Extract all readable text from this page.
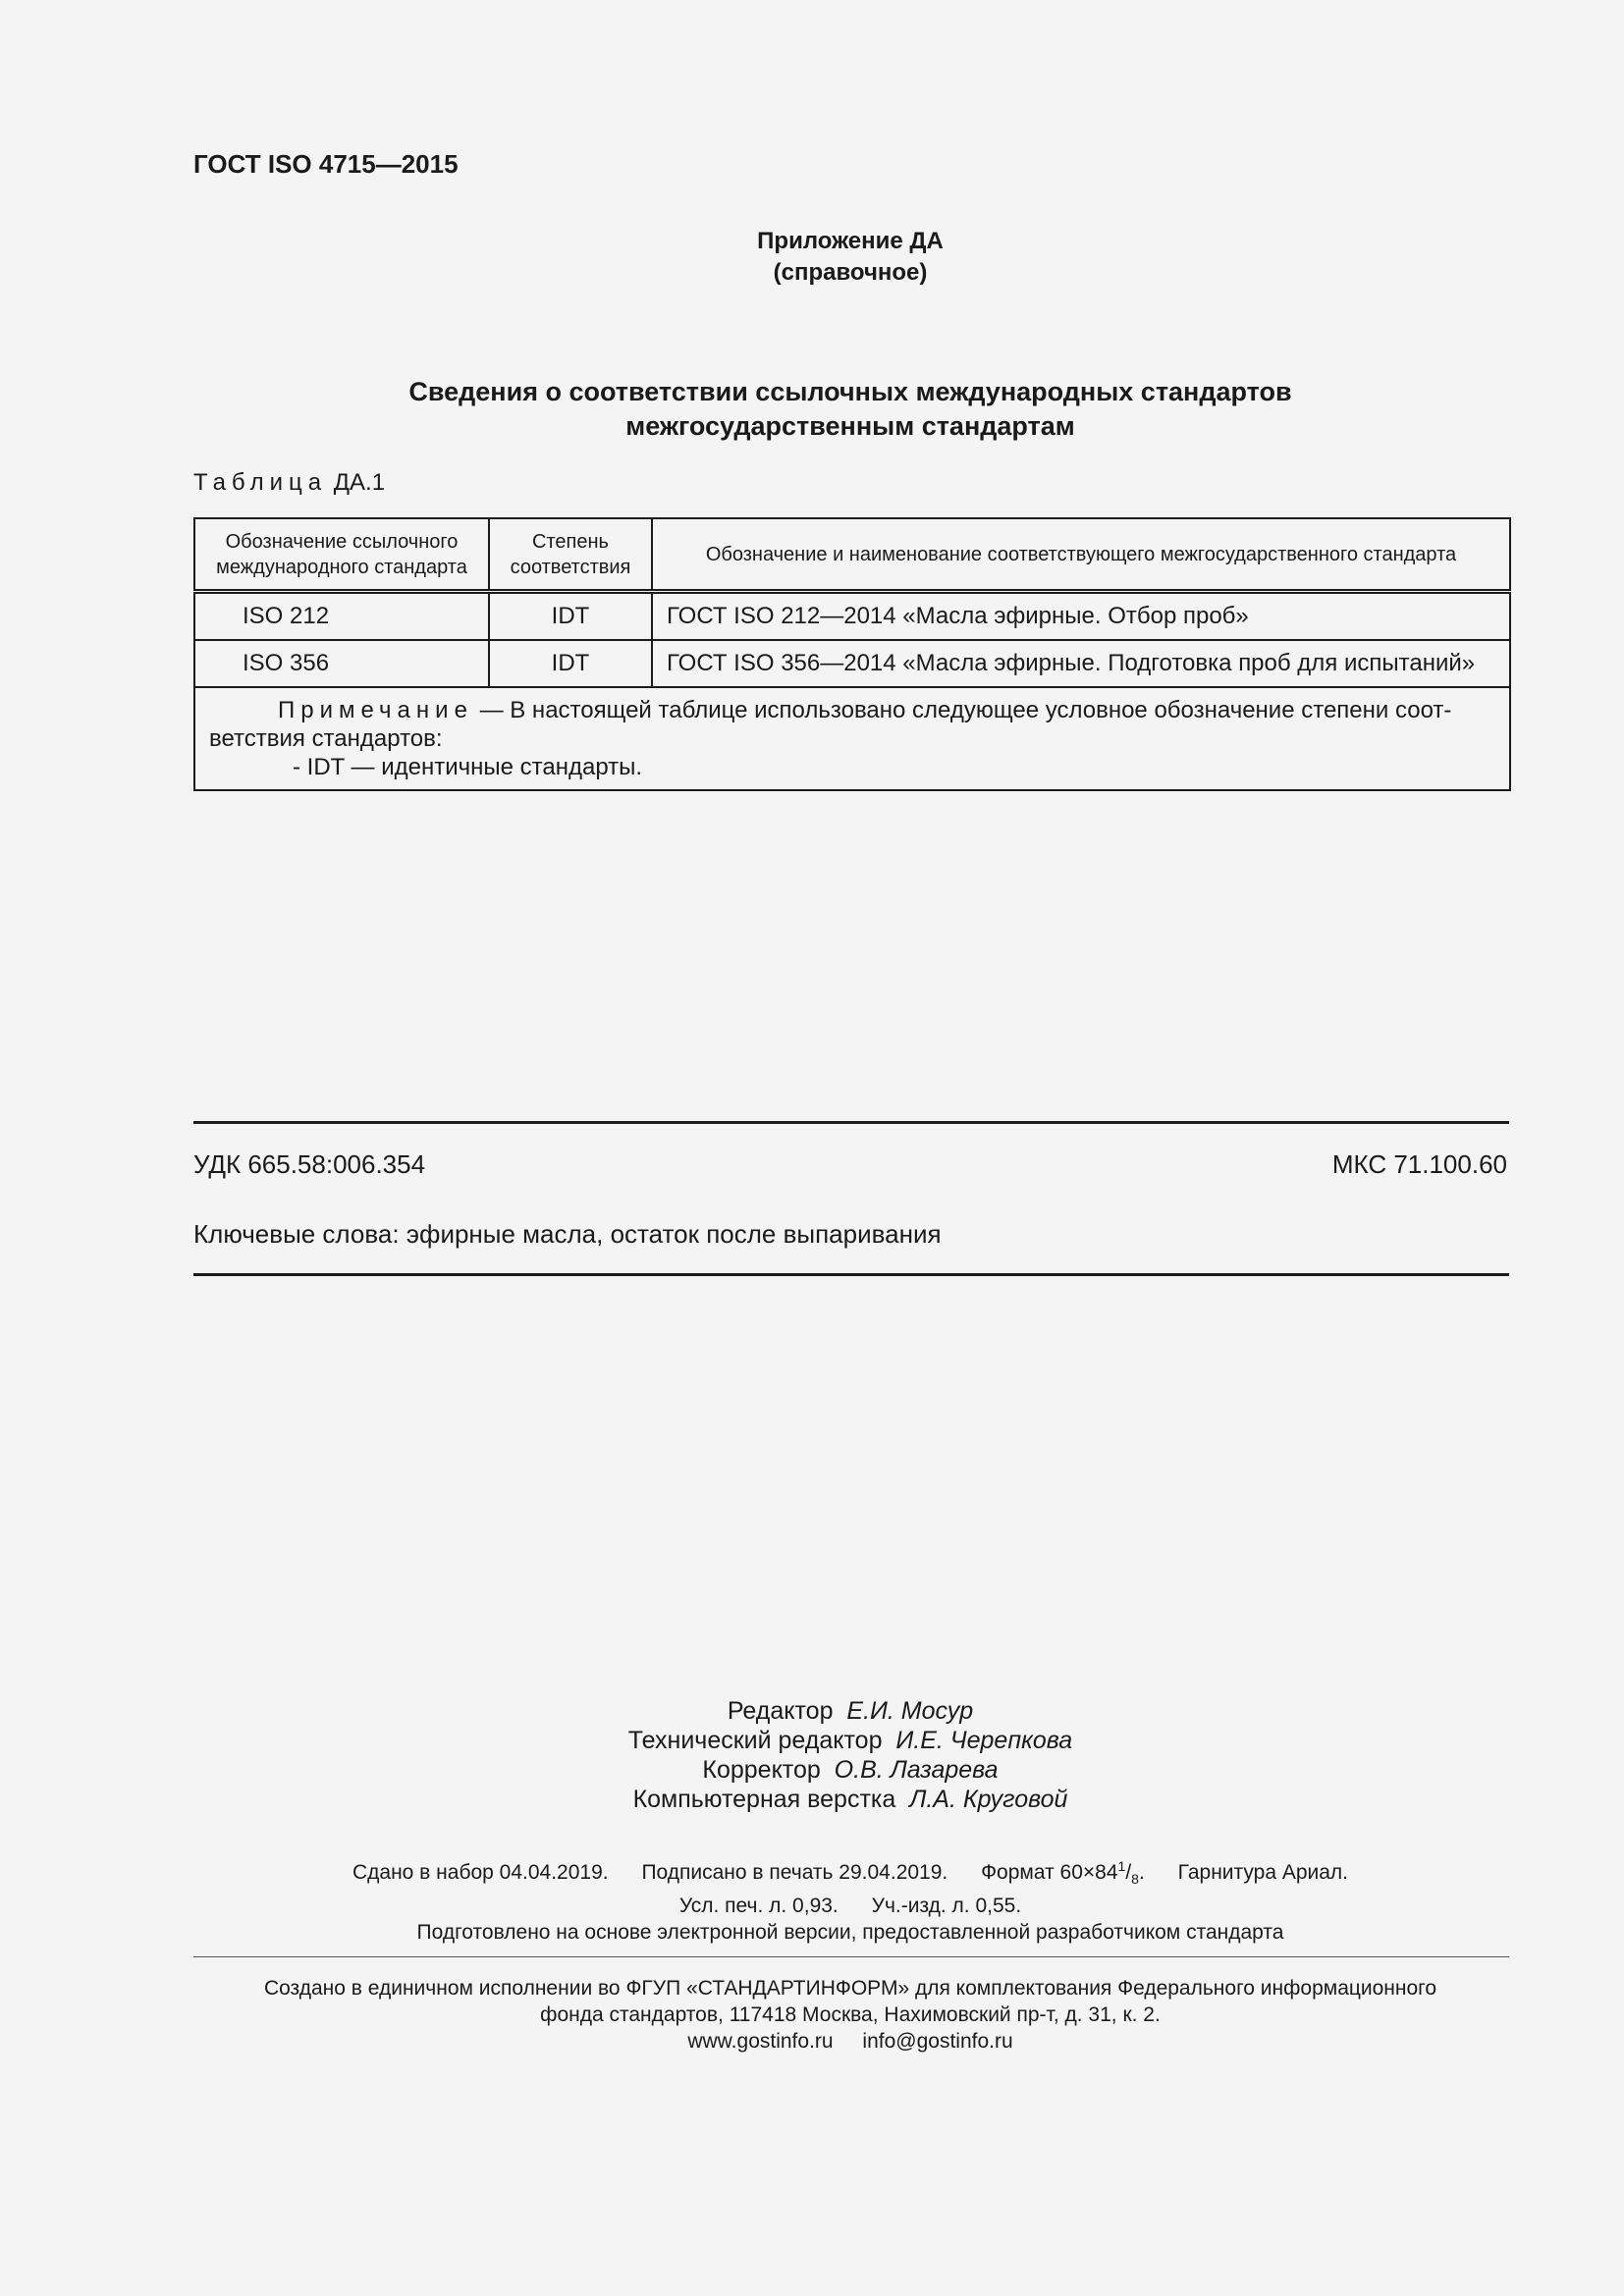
ГОСТ ISO 4715—2015
Приложение ДА
(справочное)
Сведения о соответствии ссылочных международных стандартов
межгосударственным стандартам
Таблица ДА.1
Обозначение ссылочного международного стандарта	Степень соответствия	Обозначение и наименование соответствующего межгосударственного стандарта
ISO 212	IDT	ГОСТ ISO 212—2014 «Масла эфирные. Отбор проб»
ISO 356	IDT	ГОСТ ISO 356—2014 «Масла эфирные. Подготовка проб для испытаний»

Примечание — В настоящей таблице использовано следующее условное обозначение степени соот-ветствия стандартов:
- IDT — идентичные стандарты.		
УДК 665.58:006.354	МКС 71.100.60
Ключевые слова: эфирные масла, остаток после выпаривания
Редактор Е.И. Мосур
Технический редактор И.Е. Черепкова
Корректор О.В. Лазарева
Компьютерная верстка Л.А. Круговой
Сдано в набор 04.04.2019. Подписано в печать 29.04.2019. Формат $60\times 84^1/_8$. Гарнитура Ариал.
Усл. печ. л. 0,93. Уч.-изд. л. 0,55.
Подготовлено на основе электронной версии, предоставленной разработчиком стандарта
Создано в единичном исполнении во ФГУП «СТАНДАРТИНФОРМ» для комплектования Федерального информационного
фонда стандартов, 117418 Москва, Нахимовский пр-т, д. 31, к. 2.
www.gostinfo.ru info@gostinfo.ru
